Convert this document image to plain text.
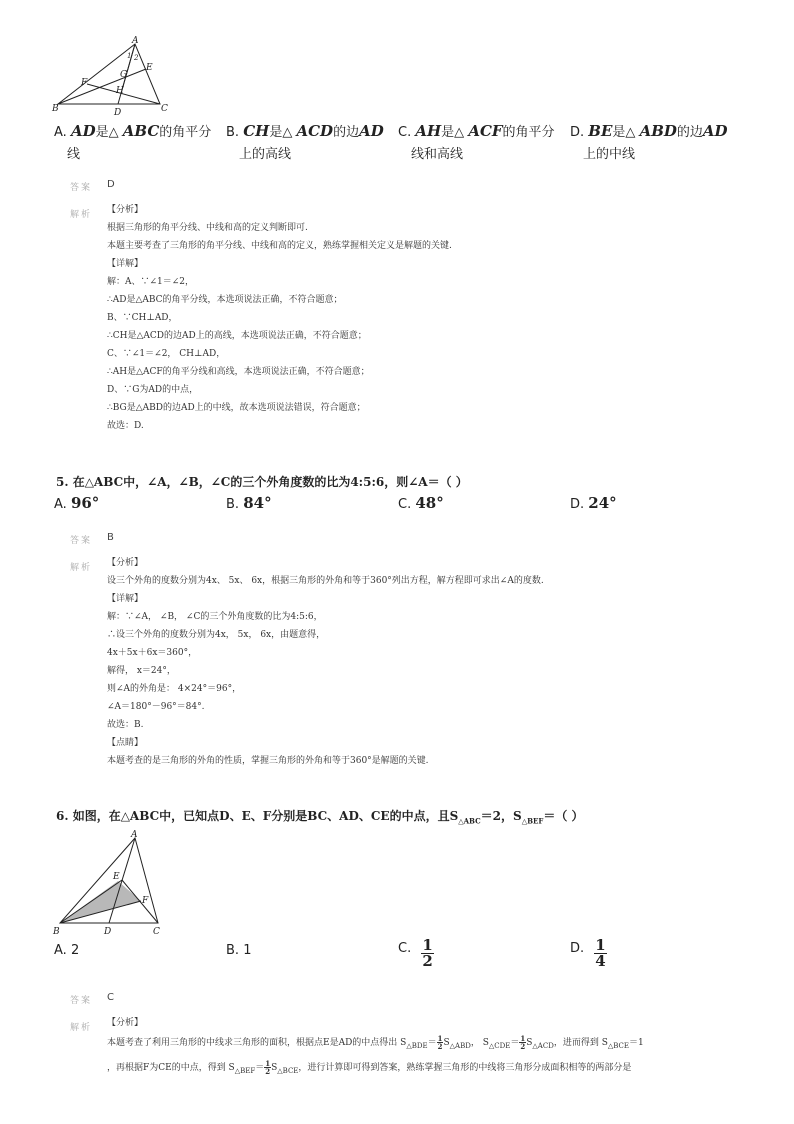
A
1 2
E
G
F
H
B	D	C
A. AD是△ ABC的角平分
线
B. CH是△ ACD的边AD
上的高线
C. AH是△ ACF的角平分
线和高线
D. BE是△ ABD的边AD
上的中线
答案 D
解析 【分析】
根据三角形的角平分线、中线和高的定义判断即可.
本题主要考查了三角形的角平分线、中线和高的定义，熟练掌握相关定义是解题的关键.
【详解】
解：A、∵∠1＝∠2，
∴AD是△ABC的角平分线，本选项说法正确，不符合题意；
B、∵CH⊥AD，
∴CH是△ACD的边AD上的高线，本选项说法正确，不符合题意；
C、∵∠1＝∠2， CH⊥AD，
∴AH是△ACF的角平分线和高线，本选项说法正确，不符合题意；
D、∵G为AD的中点，
∴BG是△ABD的边AD上的中线，故本选项说法错误，符合题意；
故选：D.
5. 在△ABC中，∠A，∠B，∠C的三个外角度数的比为4:5:6，则∠A＝（ ）
A. 96°	B. 84°	C. 48°	D. 24°
答案 B
解析 【分析】
设三个外角的度数分别为4x、 5x、 6x，根据三角形的外角和等于360°列出方程，解方程即可求出∠A的度数.
【详解】
解：∵∠A， ∠B， ∠C的三个外角度数的比为4:5:6，
∴设三个外角的度数分别为4x， 5x， 6x，由题意得，
4x＋5x＋6x＝360°，
解得， x＝24°，
则∠A的外角是： 4×24°＝96°，
∠A＝180°－96°＝84°.
故选：B.
【点睛】
本题考查的是三角形的外角的性质，掌握三角形的外角和等于360°是解题的关键.
6. 如图，在△ABC中，已知点D、E、F分别是BC、AD、CE的中点，且$S_{\triangle ABC}=2$，$S_{\triangle BEF}=$（ ）
A
E
F
B	D	C
A. 2	B. 1	C. $\frac{1}{2}$	D. $\frac{1}{4}$
答案 C
解析 【分析】
本题考查了利用三角形的中线求三角形的面积，根据点E是AD的中点得出 $S_{\triangle BDE}= \frac{1}{2} S_{\triangle ABD}$， $S_{\triangle CDE}= \frac{1}{2} S_{\triangle ACD}$，进而得到 $S_{\triangle BCE}=1$
，再根据F为CE的中点，得到 $S_{\triangle BEF}= \frac{1}{2} S_{\triangle BCE}$，进行计算即可得到答案，熟练掌握三角形的中线将三角形分成面积相等的两部分是
